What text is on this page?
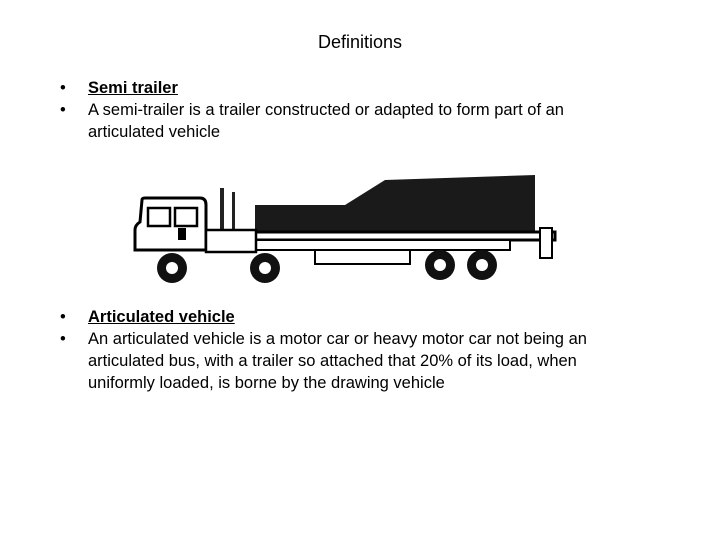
Definitions
• Semi trailer
• A semi-trailer is a trailer constructed or adapted to form part of an articulated vehicle
• Articulated vehicle
• An articulated vehicle is a motor car or heavy motor car not being an articulated bus, with a trailer so attached that 20% of its load, when uniformly loaded, is borne by the drawing vehicle
